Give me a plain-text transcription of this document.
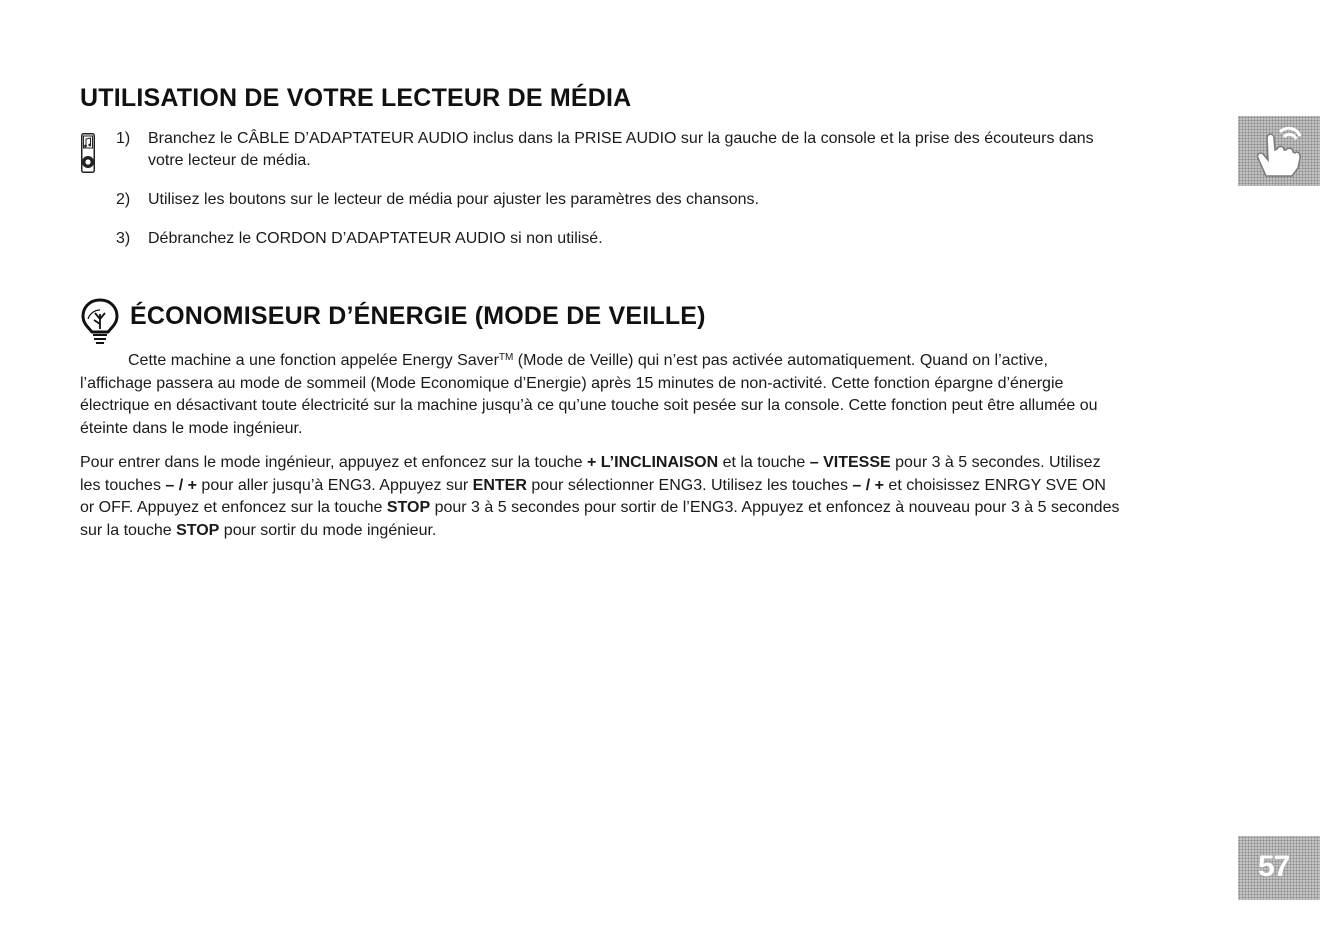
UTILISATION DE VOTRE LECTEUR DE MÉDIA
1) Branchez le CÂBLE D’ADAPTATEUR AUDIO inclus dans la PRISE AUDIO sur la gauche de la console et la prise des écouteurs dans votre lecteur de média.
2) Utilisez les boutons sur le lecteur de média pour ajuster les paramètres des chansons.
3) Débranchez le CORDON D’ADAPTATEUR AUDIO si non utilisé.
ÉCONOMISEUR D’ÉNERGIE (MODE DE VEILLE)

Cette machine a une fonction appelée Energy Saver™ (Mode de Veille) qui n’est pas activée automatiquement. Quand on l’active, l’affichage passera au mode de sommeil (Mode Economique d’Energie) après 15 minutes de non-activité. Cette fonction épargne d’énergie électrique en désactivant toute électricité sur la machine jusqu’à ce qu’une touche soit pesée sur la console. Cette fonction peut être allumée ou éteinte dans le mode ingénieur.

Pour entrer dans le mode ingénieur, appuyez et enfoncez sur la touche + L’INCLINAISON et la touche – VITESSE pour 3 à 5 secondes. Utilisez les touches – / + pour aller jusqu’à ENG3. Appuyez sur ENTER pour sélectionner ENG3. Utilisez les touches – / + et choisissez ENRGY SVE ON or OFF. Appuyez et enfoncez sur la touche STOP pour 3 à 5 secondes pour sortir de l’ENG3. Appuyez et enfoncez à nouveau pour 3 à 5 secondes sur la touche STOP pour sortir du mode ingénieur.

57
